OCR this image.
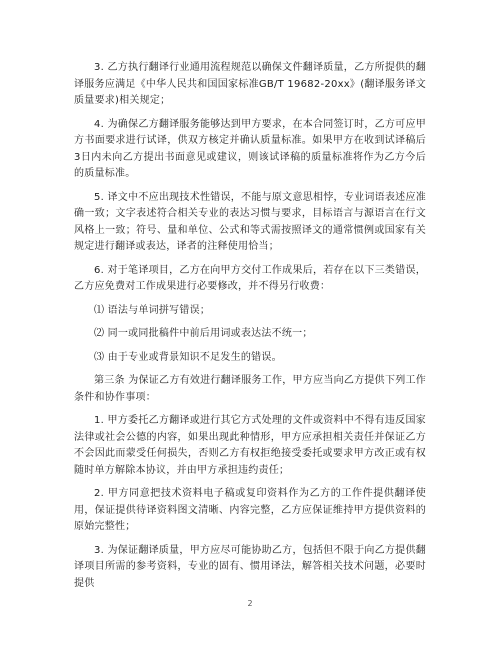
3. 乙方执行翻译行业通用流程规范以确保文件翻译质量，乙方所提供的翻译服务应满足《中华人民共和国国家标准GB/T 19682-20xx》(翻译服务译文质量要求)相关规定；

4. 为确保乙方翻译服务能够达到甲方要求，在本合同签订时，乙方可应甲方书面要求进行试译，供双方核定并确认质量标准。如果甲方在收到试译稿后3日内未向乙方提出书面意见或建议，则该试译稿的质量标准将作为乙方今后的质量标准。

5. 译文中不应出现技术性错误，不能与原文意思相悖，专业词语表述应准确一致；文字表述符合相关专业的表达习惯与要求，目标语言与源语言在行文风格上一致；符号、量和单位、公式和等式需按照译文的通常惯例或国家有关规定进行翻译或表达，译者的注释使用恰当；

6. 对于笔译项目，乙方在向甲方交付工作成果后，若存在以下三类错误，乙方应免费对工作成果进行必要修改，并不得另行收费：

⑴ 语法与单词拼写错误；

⑵ 同一或同批稿件中前后用词或表达法不统一；

⑶ 由于专业或背景知识不足发生的错误。

第三条 为保证乙方有效进行翻译服务工作，甲方应当向乙方提供下列工作条件和协作事项：

1. 甲方委托乙方翻译或进行其它方式处理的文件或资料中不得有违反国家法律或社会公德的内容，如果出现此种情形，甲方应承担相关责任并保证乙方不会因此而蒙受任何损失，否则乙方有权拒绝接受委托或要求甲方改正或有权随时单方解除本协议，并由甲方承担违约责任；

2. 甲方同意把技术资料电子稿或复印资料作为乙方的工作件提供翻译使用，保证提供待译资料图文清晰、内容完整，乙方应保证维持甲方提供资料的原始完整性；

3. 为保证翻译质量，甲方应尽可能协助乙方，包括但不限于向乙方提供翻译项目所需的参考资料，专业的固有、惯用译法，解答相关技术问题，必要时提供

2
